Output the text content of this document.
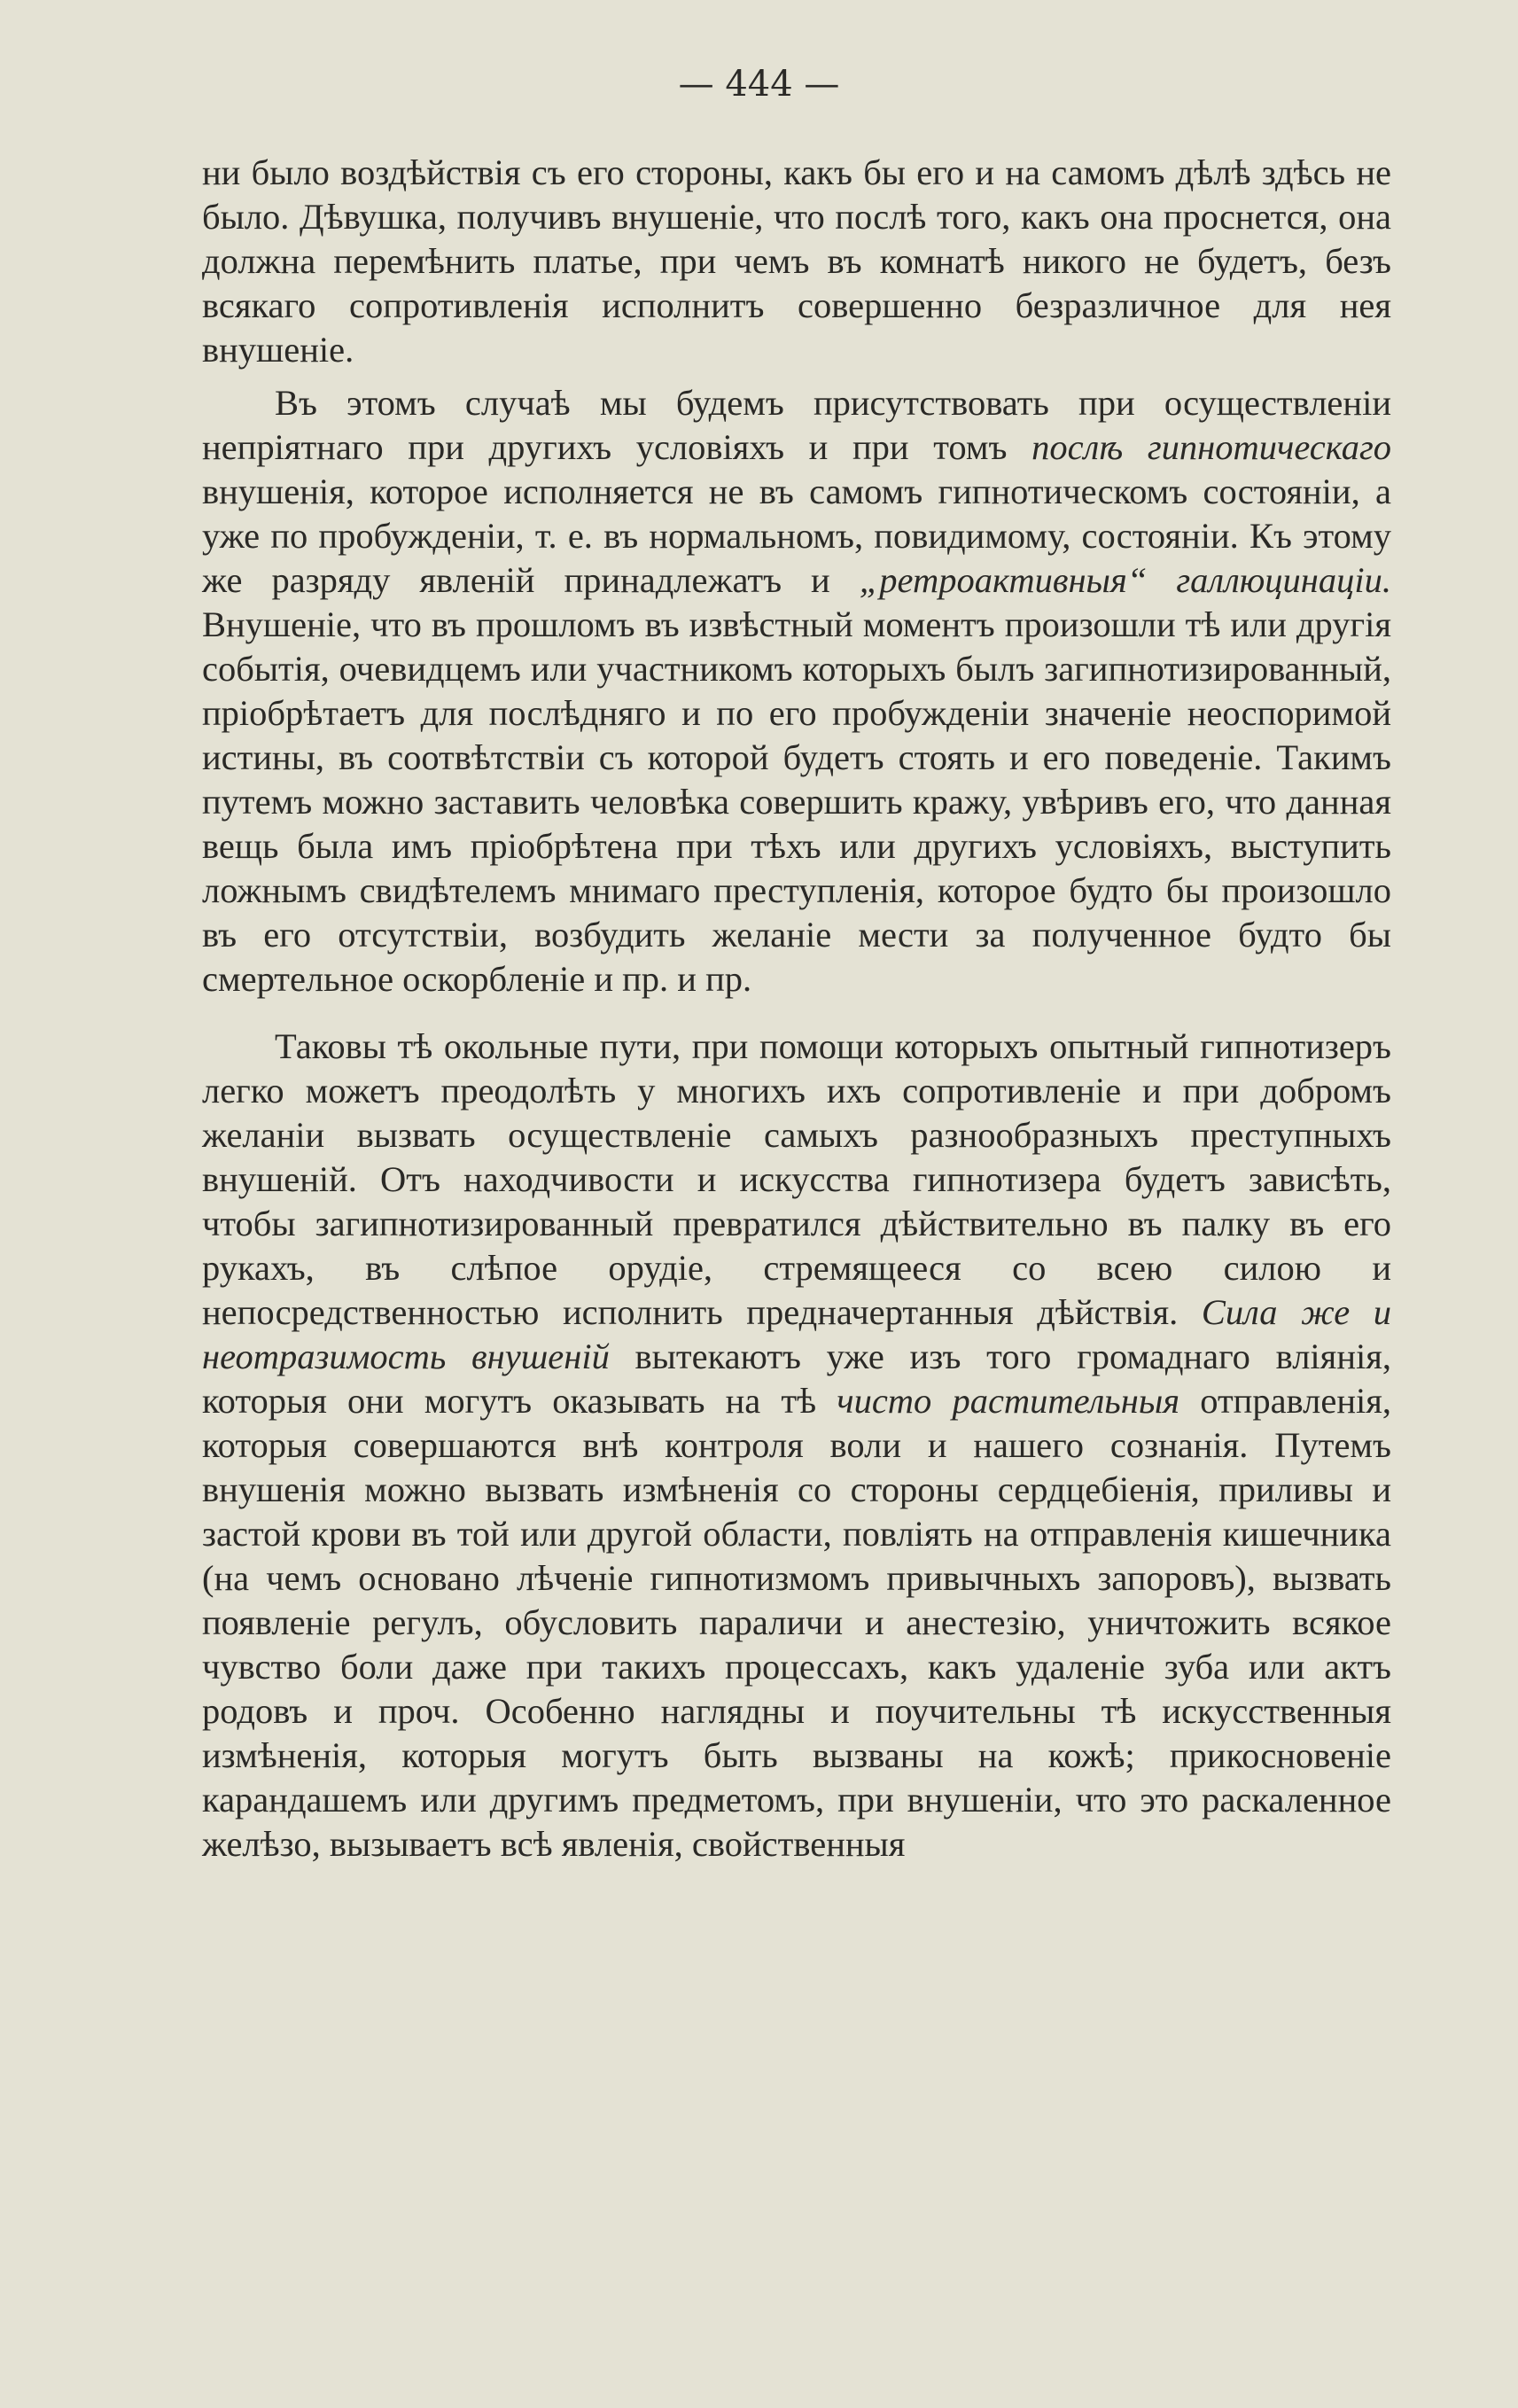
— 444 —

ни было воздѣйствія съ его стороны, какъ бы его и на самомъ дѣлѣ здѣсь не было. Дѣвушка, получивъ внушеніе, что послѣ того, какъ она проснется, она должна перемѣнить платье, при чемъ въ комнатѣ никого не будетъ, безъ всякаго сопротивленія исполнитъ совершенно безразличное для нея внушеніе.

Въ этомъ случаѣ мы будемъ присутствовать при осуществленіи непріятнаго при другихъ условіяхъ и при томъ послѣ гипнотическаго внушенія, которое исполняется не въ самомъ гипнотическомъ состояніи, а уже по пробужденіи, т. е. въ нормальномъ, повидимому, состояніи. Къ этому же разряду явленій принадлежатъ и „ретроактивныя“ галлюцинаціи. Внушеніе, что въ прошломъ въ извѣстный моментъ произошли тѣ или другія событія, очевидцемъ или участникомъ которыхъ былъ загипнотизированный, пріобрѣтаетъ для послѣдняго и по его пробужденіи значеніе неоспоримой истины, въ соотвѣтствіи съ которой будетъ стоять и его поведеніе. Такимъ путемъ можно заставить человѣка совершить кражу, увѣривъ его, что данная вещь была имъ пріобрѣтена при тѣхъ или другихъ условіяхъ, выступить ложнымъ свидѣтелемъ мнимаго преступленія, которое будто бы произошло въ его отсутствіи, возбудить желаніе мести за полученное будто бы смертельное оскорбленіе и пр. и пр.

Таковы тѣ окольные пути, при помощи которыхъ опытный гипнотизеръ легко можетъ преодолѣть у многихъ ихъ сопротивленіе и при добромъ желаніи вызвать осуществленіе самыхъ разнообразныхъ преступныхъ внушеній. Отъ находчивости и искусства гипнотизера будетъ зависѣть, чтобы загипнотизированный превратился дѣйствительно въ палку въ его рукахъ, въ слѣпое орудіе, стремящееся со всею силою и непосредственностью исполнить предначертанныя дѣйствія. Сила же и неотразимость внушеній вытекаютъ уже изъ того громаднаго вліянія, которыя они могутъ оказывать на тѣ чисто растительныя отправленія, которыя совершаются внѣ контроля воли и нашего сознанія. Путемъ внушенія можно вызвать измѣненія со стороны сердцебіенія, приливы и застой крови въ той или другой области, повліять на отправленія кишечника (на чемъ основано лѣченіе гипнотизмомъ привычныхъ запоровъ), вызвать появленіе регулъ, обусловить параличи и анестезію, уничтожить всякое чувство боли даже при такихъ процессахъ, какъ удаленіе зуба или актъ родовъ и проч. Особенно наглядны и поучительны тѣ искусственныя измѣненія, которыя могутъ быть вызваны на кожѣ; прикосновеніе карандашемъ или другимъ предметомъ, при внушеніи, что это раскаленное желѣзо, вызываетъ всѣ явленія, свойственныя
